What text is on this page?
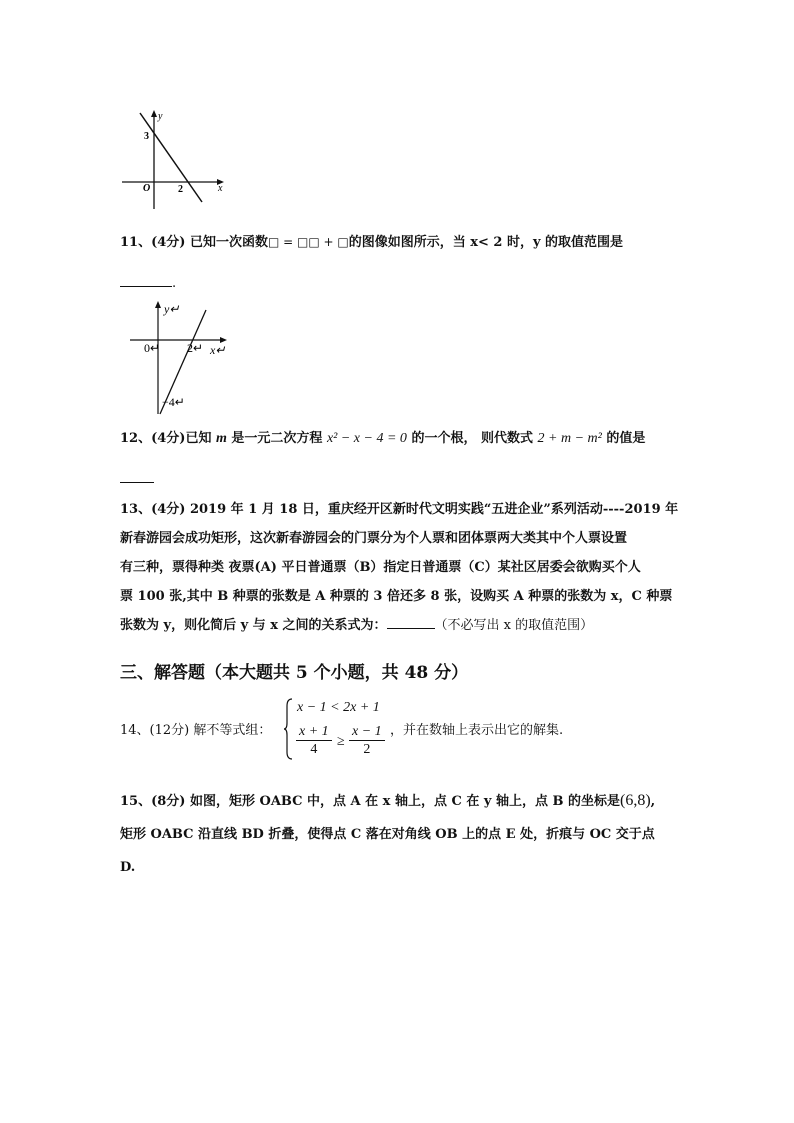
y
x
O
3
2
11、(4分) 已知一次函数□ = □□ + □的图像如图所示，当 x< 2 时，y 的取值范围是
.
y↵
x↵
0↵ 2↵
−4↵
12、(4分)已知 m 是一元二次方程 x² − x − 4 = 0 的一个根， 则代数式 2 + m − m² 的值是
13、(4分) 2019 年 1 月 18 日，重庆经开区新时代文明实践“五进企业”系列活动----2019 年
新春游园会成功矩形，这次新春游园会的门票分为个人票和团体票两大类其中个人票设置
有三种，票得种类 夜票(A) 平日普通票（B）指定日普通票（C）某社区居委会欲购买个人
票 100 张,其中 B 种票的张数是 A 种票的 3 倍还多 8 张，设购买 A 种票的张数为 x，C 种票
张数为 y，则化简后 y 与 x 之间的关系式为：	（不必写出 x 的取值范围）
三、解答题（本大题共 5 个小题，共 48 分）
14、(12分) 解不等式组：
x − 1 < 2x + 1
$\frac{x + 1}{4} \ge \frac{x - 1}{2}$ ，并在数轴上表示出它的解集.
15、(8分) 如图，矩形 OABC 中，点 A 在 x 轴上，点 C 在 y 轴上，点 B 的坐标是(6,8),
矩形 OABC 沿直线 BD 折叠，使得点 C 落在对角线 OB 上的点 E 处，折痕与 OC 交于点
D.
